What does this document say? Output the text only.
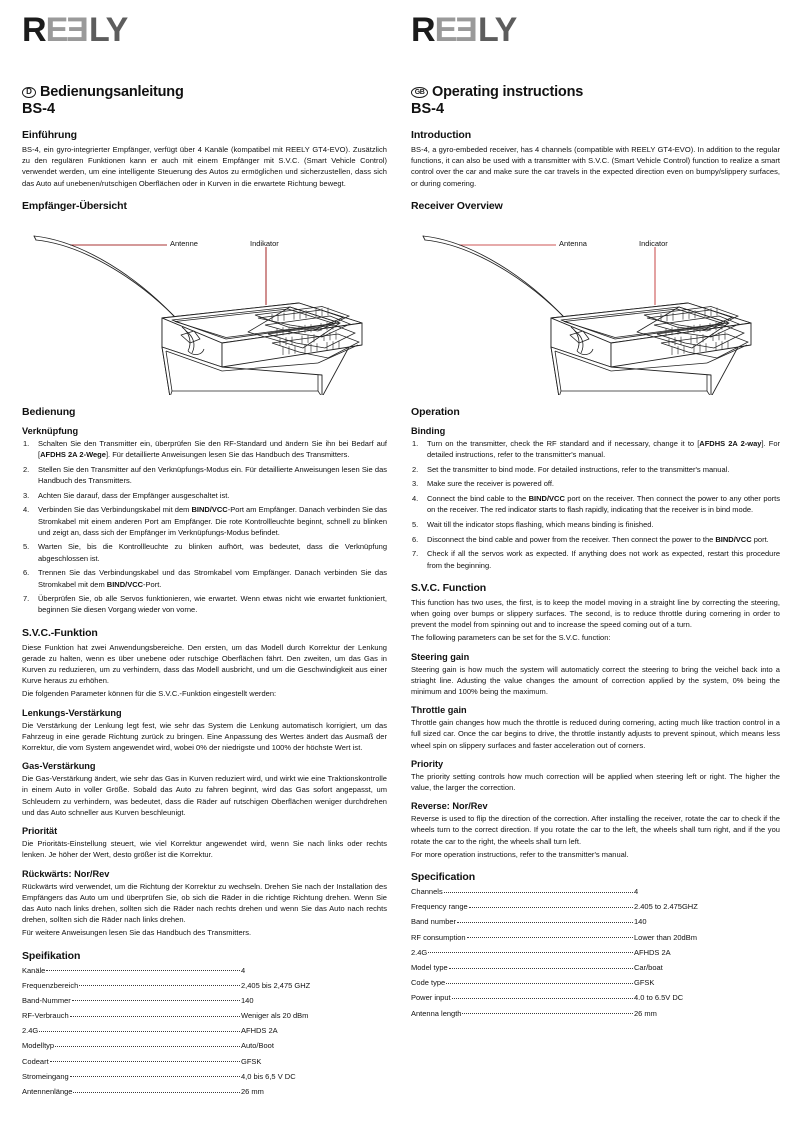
R E E LY
D Bedienungsanleitung
BS-4
Einführung

BS-4, ein gyro-integrierter Empfänger, verfügt über 4 Kanäle (kompatibel mit REELY GT4-EVO). Zusätzlich zu den regulären Funktionen kann er auch mit einem Empfänger mit S.V.C. (Smart Vehicle Control) verwendet werden, um eine intelligente Steuerung des Autos zu ermöglichen und sicherzustellen, dass sich das Auto auf unebenen/rutschigen Oberflächen oder in Kurven in die erwartete Richtung bewegt.

Empfänger-Übersicht
Antenne	Indikator
Bedienung
Verknüpfung
1.	Schalten Sie den Transmitter ein, überprüfen Sie den RF-Standard und ändern Sie ihn bei Bedarf auf [AFDHS 2A 2-Wege]. Für detaillierte Anweisungen lesen Sie das Handbuch des Transmitters.
2.	Stellen Sie den Transmitter auf den Verknüpfungs-Modus ein. Für detaillierte Anweisungen lesen Sie das Handbuch des Transmitters.
3.	Achten Sie darauf, dass der Empfänger ausgeschaltet ist.
4.	Verbinden Sie das Verbindungskabel mit dem BIND/VCC-Port am Empfänger. Danach verbinden Sie das Stromkabel mit einem anderen Port am Empfänger. Die rote Kontrollleuchte beginnt, schnell zu blinken und zeigt an, dass sich der Empfänger im Verknüpfungs-Modus befindet.
5.	Warten Sie, bis die Kontrollleuchte zu blinken aufhört, was bedeutet, dass die Verknüpfung abgeschlossen ist.
6.	Trennen Sie das Verbindungskabel und das Stromkabel vom Empfänger. Danach verbinden Sie das Stromkabel mit dem BIND/VCC-Port.
7.	Überprüfen Sie, ob alle Servos funktionieren, wie erwartet. Wenn etwas nicht wie erwartet funktioniert, beginnen Sie diesen Vorgang wieder von vorne.
S.V.C.-Funktion

Diese Funktion hat zwei Anwendungsbereiche. Den ersten, um das Modell durch Korrektur der Lenkung gerade zu halten, wenn es über unebene oder rutschige Oberflächen fährt. Den zweiten, um das Gas in Kurven zu reduzieren, um zu verhindern, dass das Modell ausbricht, und um die Geschwindigkeit aus einer Kurve heraus zu erhöhen.

Die folgenden Parameter können für die S.V.C.-Funktion eingestellt werden:

Lenkungs-Verstärkung

Die Verstärkung der Lenkung legt fest, wie sehr das System die Lenkung automatisch korrigiert, um das Fahrzeug in eine gerade Richtung zurück zu bringen. Eine Anpassung des Wertes ändert das Ausmaß der Korrektur, die vom System angewendet wird, wobei 0% der niedrigste und 100% der höchste Wert ist.

Gas-Verstärkung

Die Gas-Verstärkung ändert, wie sehr das Gas in Kurven reduziert wird, und wirkt wie eine Traktionskontrolle in einem Auto in voller Größe. Sobald das Auto zu fahren beginnt, wird das Gas sofort angepasst, um Schleudern zu verhindern, was bedeutet, dass die Räder auf rutschigen Oberflächen weniger durchdrehen und das Auto schneller aus Kurven beschleunigt.

Priorität

Die Prioritäts-Einstellung steuert, wie viel Korrektur angewendet wird, wenn Sie nach links oder rechts lenken. Je höher der Wert, desto größer ist die Korrektur.

Rückwärts: Nor/Rev

Rückwärts wird verwendet, um die Richtung der Korrektur zu wechseln. Drehen Sie nach der Installation des Empfängers das Auto um und überprüfen Sie, ob sich die Räder in die richtige Richtung drehen. Wenn Sie das Auto nach links drehen, sollten sich die Räder nach rechts drehen und wenn Sie das Auto nach rechts drehen, sollten sich die Räder nach links drehen.

Für weitere Anweisungen lesen Sie das Handbuch des Transmitters.

Speifikation
Kanäle	4
Frequenzbereich	2,405 bis 2,475 GHZ
Band-Nummer	140
RF-Verbrauch	Weniger als 20 dBm
2.4G	AFHDS 2A
Modelltyp	Auto/Boot
Codeart	GFSK
Stromeingang	4,0 bis 6,5 V DC
Antennenlänge	26 mm
R E E LY
GB Operating instructions
BS-4
Introduction

BS-4, a gyro-embeded receiver, has 4 channels (compatible with REELY GT4-EVO). In addition to the regular functions, it can also be used with a transmitter with S.V.C. (Smart Vehicle Control) function to realize a smart control over the car and make sure the car travels in the expected direction even on bumpy/slippery surfaces, or during comering.

Receiver Overview
Antenna	Indicator
Operation
Binding
1.	Turn on the transmitter, check the RF standard and if necessary, change it to [AFDHS 2A 2-way]. For detailed instructions, refer to the transmitter's manual.
2.	Set the transmitter to bind mode. For detailed instructions, refer to the transmitter's manual.
3.	Make sure the receiver is powered off.
4.	Connect the bind cable to the BIND/VCC port on the receiver. Then connect the power to any other ports on the receiver. The red indicator starts to flash rapidly, indicating that the receiver is in bind mode.
5.	Wait till the indicator stops flashing, which means binding is finished.
6.	Disconnect the bind cable and power from the receiver. Then connect the power to the BIND/VCC port.
7.	Check if all the servos work as expected. If anything does not work as expected, restart this procedure from the beginning.
S.V.C. Function

This function has two uses, the first, is to keep the model moving in a straight line by correcting the steering, when going over bumps or slippery surfaces. The second, is to reduce throttle during cornering in order to prevent the model from spinning out and to increase the speed coming out of a turn.

The following parameters can be set for the S.V.C. function:

Steering gain

Steering gain is how much the system will automaticly correct the steering to bring the veichel back into a striaght line. Adusting the value changes the amount of correction applied by the system, 0% being the minimum and 100% being the maximum.

Throttle gain

Throttle gain changes how much the throttle is reduced during cornering, acting much like traction control in a full sized car. Once the car begins to drive, the throttle instantly adjusts to prevent spinout, which means less wheel spin on slippery surfaces and faster acceleration out of corners.

Priority

The priority setting controls how much correction will be applied when steering left or right. The higher the value, the larger the correction.

Reverse: Nor/Rev

Reverse is used to flip the direction of the correction. After installing the receiver, rotate the car to check if the wheels turn to the correct direction. If you rotate the car to the left, the wheels shall turn right, and if the you rotate the car to the right, the wheels shall turn left.

For more operation instructions, refer to the transmitter's manual.

Specification
Channels	4
Frequency range	2.405 to 2.475GHZ
Band number	140
RF consumption	Lower than 20dBm
2.4G	AFHDS 2A
Model type	Car/boat
Code type	GFSK
Power input	4.0 to 6.5V DC
Antenna length	26 mm
